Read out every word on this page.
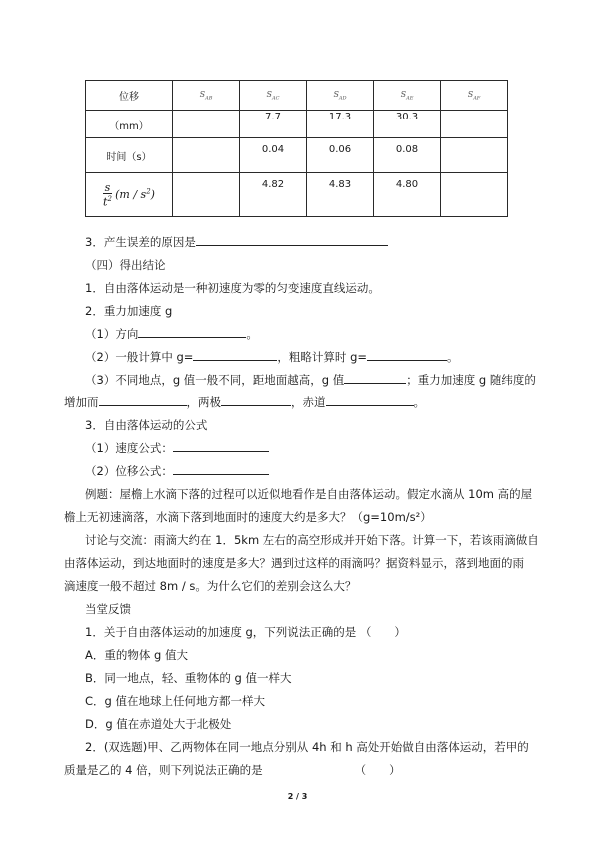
位移	$S_{AB}$	$S_{AC}$	$S_{AD}$	$S_{AE}$	$S_{AF}$
（mm）		7.7	17.3	30.3	
时间（s）		0.04	0.06	0.08	

$\frac{s}{t^2} (m / s^2)$		4.82	4.83	4.80	
3．产生误差的原因是
（四）得出结论
1．自由落体运动是一种初速度为零的匀变速度直线运动。
2．重力加速度 g
（1）方向	。
（2）一般计算中 g=	，粗略计算时 g=	。
（3）不同地点，g 值一般不同，距地面越高，g 值	；重力加速度 g 随纬度的
增加而	，两极	，赤道	。
3．自由落体运动的公式
（1）速度公式：
（2）位移公式：
例题：屋檐上水滴下落的过程可以近似地看作是自由落体运动。假定水滴从 10m 高的屋
檐上无初速滴落，水滴下落到地面时的速度大约是多大？（g=10m/s²）
讨论与交流：雨滴大约在 1．5km 左右的高空形成并开始下落。计算一下，若该雨滴做自
由落体运动，到达地面时的速度是多大？遇到过这样的雨滴吗？据资料显示，落到地面的雨
滴速度一般不超过 8m / s。为什么它们的差别会这么大？
当堂反馈
1．关于自由落体运动的加速度 g，下列说法正确的是 （　　）
A．重的物体 g 值大
B．同一地点，轻、重物体的 g 值一样大
C．g 值在地球上任何地方都一样大
D．g 值在赤道处大于北极处
2．(双选题)甲、乙两物体在同一地点分别从 4h 和 h 高处开始做自由落体运动，若甲的
质量是乙的 4 倍，则下列说法正确的是	（　　）
2 / 3
